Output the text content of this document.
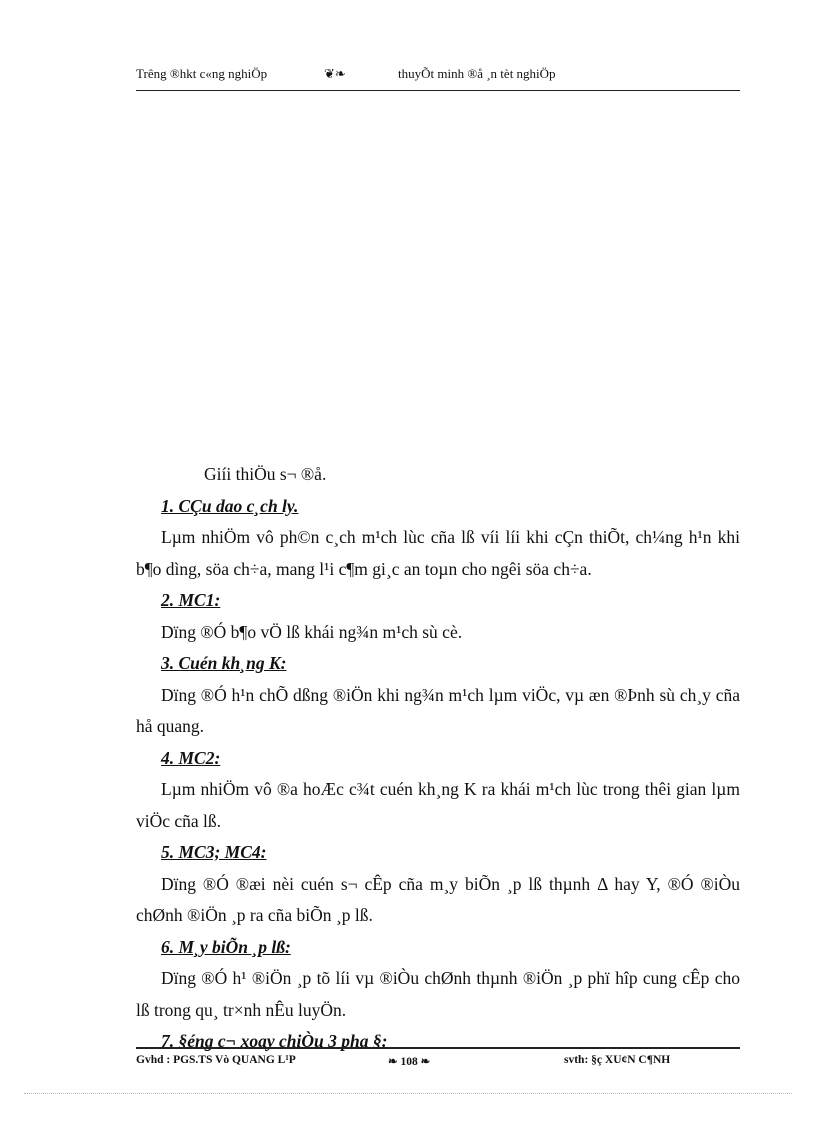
Trêng ®hkt c«ng nghiÖp	❦❧	thuyÕt minh ®å ¸n tèt nghiÖp
Giíi thiÖu s¬ ®å.
1. CÇu dao c¸ch ly.
Lµm nhiÖm vô ph©n c¸ch m¹ch lùc cña lß víi líi khi cÇn thiÕt, ch¼ng h¹n khi b¶o dìng, söa ch÷a, mang l¹i c¶m gi¸c an toµn cho ngêi söa ch÷a.
2. MC1:
Dïng ®Ó b¶o vÖ lß khái ng¾n m¹ch sù cè.
3. Cuén kh¸ng K:
Dïng ®Ó h¹n chÕ dßng ®iÖn khi ng¾n m¹ch lµm viÖc, vµ æn ®Þnh sù ch¸y cña hå quang.
4. MC2:
Lµm nhiÖm vô ®a hoÆc c¾t cuén kh¸ng K ra khái m¹ch lùc trong thêi gian lµm viÖc cña lß.
5. MC3; MC4:
Dïng ®Ó ®æi nèi cuén s¬ cÊp cña m¸y biÕn ¸p lß thµnh Δ hay Y, ®Ó ®iÒu chØnh ®iÖn ¸p ra cña biÕn ¸p lß.
6. M¸y biÕn ¸p lß:
Dïng ®Ó h¹ ®iÖn ¸p tõ líi vµ ®iÒu chØnh thµnh ®iÖn ¸p phï hîp cung cÊp cho lß trong qu¸ tr×nh nÊu luyÖn.
7. §éng c¬ xoay chiÒu 3 pha §:
Gvhd : PGS.TS Vò QUANG L¹P	❧ 108 ❧	svth: §ç XU¢N C¶NH
